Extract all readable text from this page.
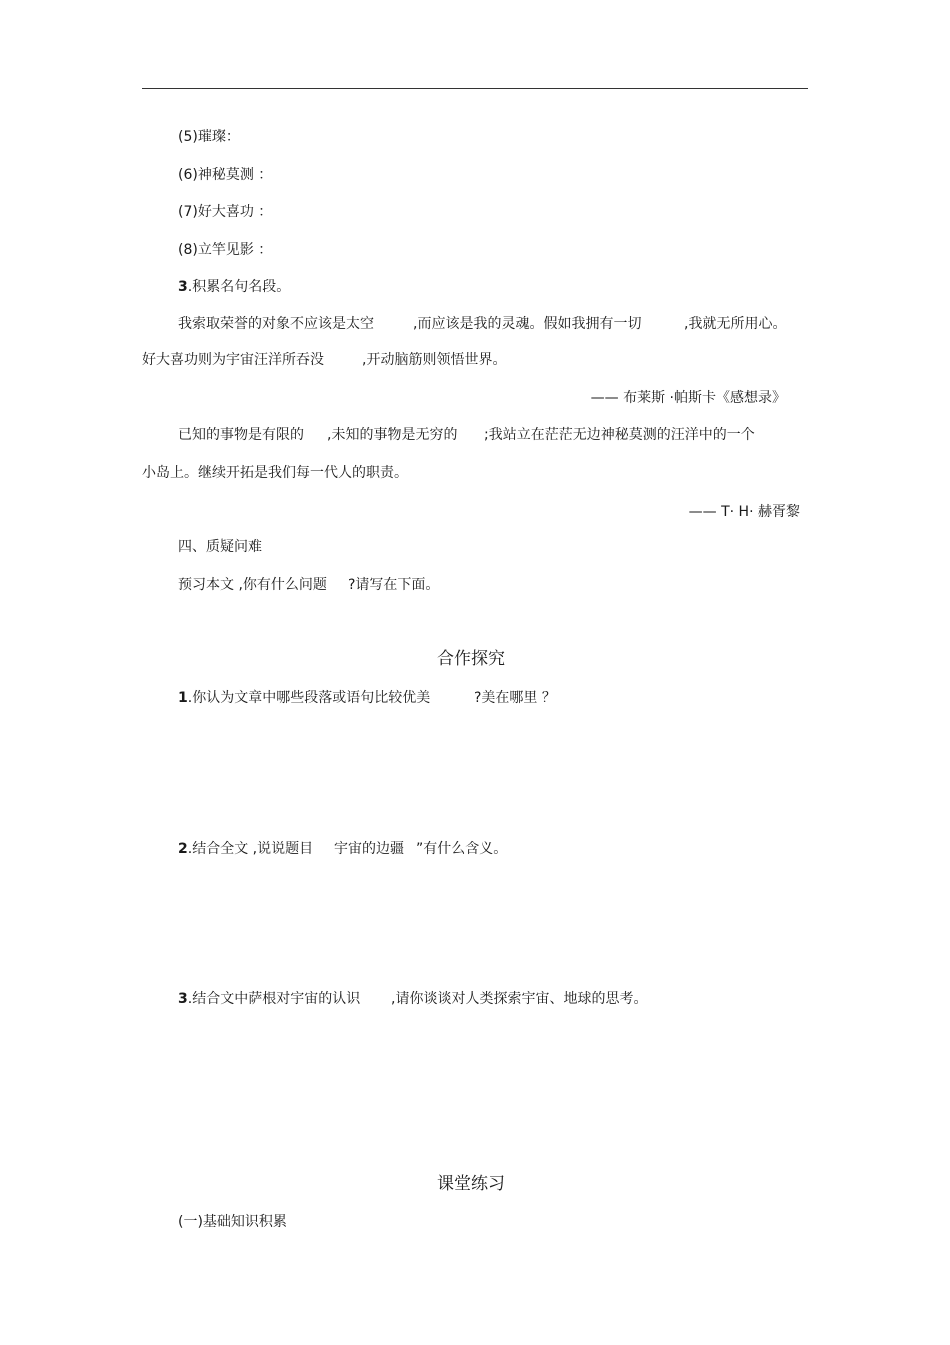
(5)璀璨：
(6)神秘莫测 ：
(7)好大喜功 ：
(8)立竿见影 ：
3.积累名句名段。
我索取荣誉的对象不应该是太空	,而应该是我的灵魂。假如我拥有一切	,我就无所用心。
好大喜功则为宇宙汪洋所吞没	,开动脑筋则领悟世界。
—— 布莱斯 ·帕斯卡《感想录》
已知的事物是有限的 ,未知的事物是无穷的 ;我站立在茫茫无边神秘莫测的汪洋中的一个
小岛上。继续开拓是我们每一代人的职责。
—— T· H· 赫胥黎
四、质疑问难
预习本文 ,你有什么问题 ?请写在下面。
合作探究
1.你认为文章中哪些段落或语句比较优美	?美在哪里 ？
2.结合全文 ,说说题目 宇宙的边疆 ”有什么含义。
3.结合文中萨根对宇宙的认识 ,请你谈谈对人类探索宇宙、地球的思考。
课堂练习
(一)基础知识积累
